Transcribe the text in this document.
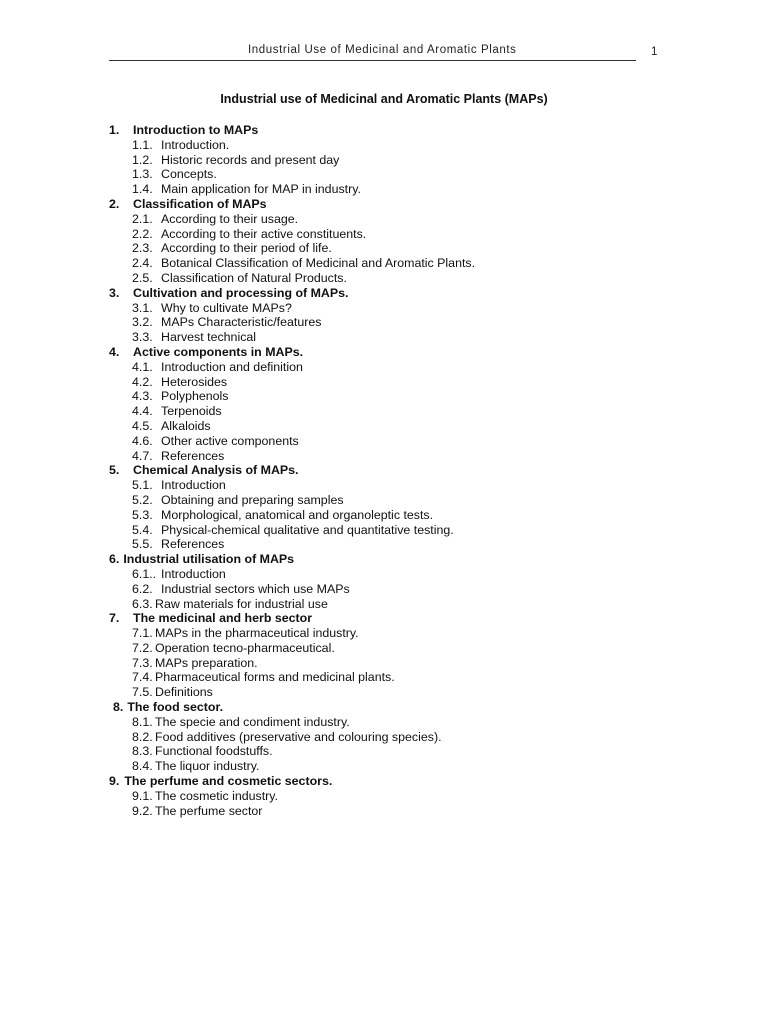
Industrial Use of Medicinal and Aromatic Plants	1
Industrial use of Medicinal and Aromatic Plants (MAPs)
1.	Introduction to MAPs
1.1. Introduction.
1.2. Historic records and present day
1.3. Concepts.
1.4. Main application for MAP in industry.
2.	Classification of MAPs
2.1. According to their usage.
2.2. According to their active constituents.
2.3. According to their period of life.
2.4. Botanical Classification of Medicinal and Aromatic Plants.
2.5. Classification of Natural Products.
3.	Cultivation and processing of MAPs.
3.1. Why to cultivate MAPs?
3.2. MAPs Characteristic/features
3.3. Harvest technical
4.	Active components in MAPs.
4.1. Introduction and definition
4.2. Heterosides
4.3. Polyphenols
4.4. Terpenoids
4.5. Alkaloids
4.6. Other active components
4.7. References
5.	Chemical Analysis of MAPs.
5.1. Introduction
5.2. Obtaining and preparing samples
5.3. Morphological, anatomical and organoleptic tests.
5.4. Physical-chemical qualitative and quantitative testing.
5.5. References
6. Industrial utilisation of MAPs
6.1.. Introduction
6.2. Industrial sectors which use MAPs
6.3. Raw materials for industrial use
7.	The medicinal and herb sector
7.1. MAPs in the pharmaceutical industry.
7.2. Operation tecno-pharmaceutical.
7.3. MAPs preparation.
7.4. Pharmaceutical forms and medicinal plants.
7.5. Definitions
8. The food sector.
8.1. The specie and condiment industry.
8.2. Food additives (preservative and colouring species).
8.3. Functional foodstuffs.
8.4. The liquor industry.
9. The perfume and cosmetic sectors.
9.1. The cosmetic industry.
9.2. The perfume sector
